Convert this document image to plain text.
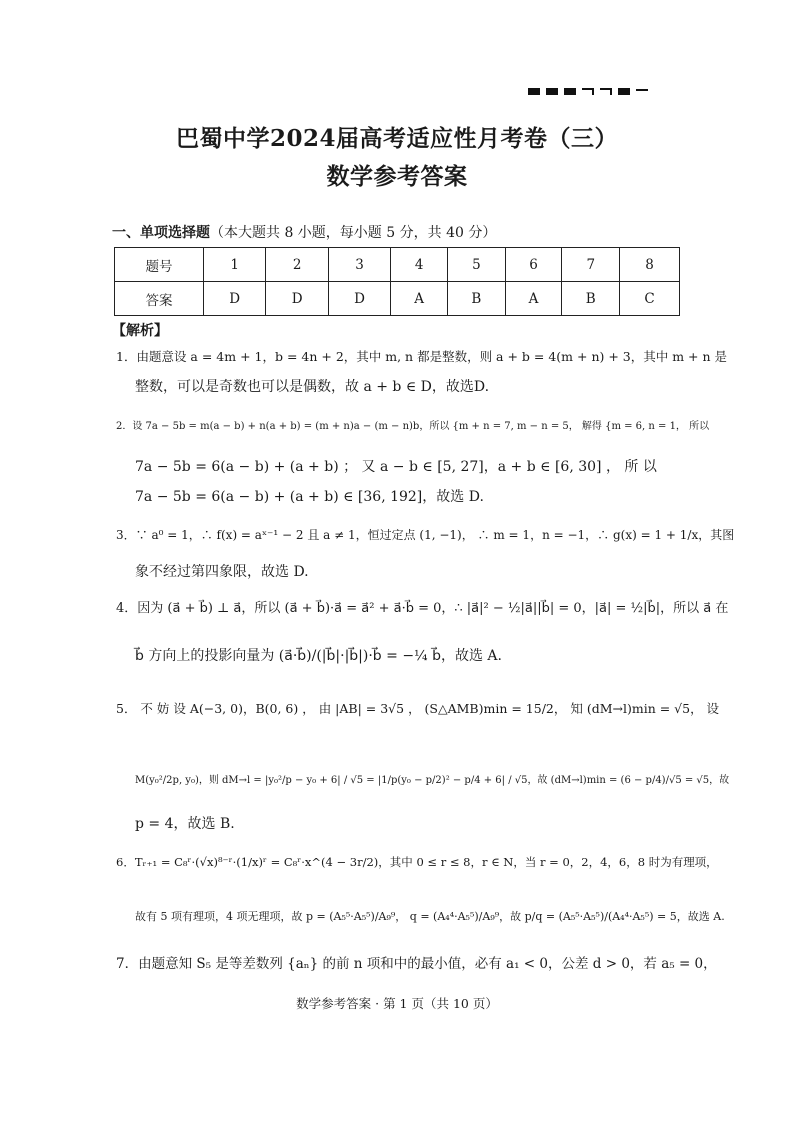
巴蜀中学2024届高考适应性月考卷（三）
数学参考答案
一、单项选择题（本大题共 8 小题，每小题 5 分，共 40 分）
题号	1	2	3	4	5	6	7	8
答案	D	D	D	A	B	A	B	C
【解析】
1．由题意设 a = 4m + 1，b = 4n + 2，其中 m, n 都是整数，则 a + b = 4(m + n) + 3，其中 m + n 是
整数，可以是奇数也可以是偶数，故 a + b ∈ D，故选D.
2．设 7a − 5b = m(a − b) + n(a + b) = (m + n)a − (m − n)b，所以 {m + n = 7, m − n = 5， 解得 {m = 6, n = 1， 所以
7a − 5b = 6(a − b) + (a + b) ； 又 a − b ∈ [5, 27]，a + b ∈ [6, 30] ， 所 以
7a − 5b = 6(a − b) + (a + b) ∈ [36, 192]，故选 D.
3．∵ a⁰ = 1，∴ f(x) = aˣ⁻¹ − 2 且 a ≠ 1，恒过定点 (1, −1)， ∴ m = 1，n = −1，∴ g(x) = 1 + 1/x，其图
象不经过第四象限，故选 D.
4．因为 (a⃗ + b⃗) ⊥ a⃗，所以 (a⃗ + b⃗)·a⃗ = a⃗² + a⃗·b⃗ = 0，∴ |a⃗|² − ½|a⃗||b⃗| = 0，|a⃗| = ½|b⃗|，所以 a⃗ 在
b⃗ 方向上的投影向量为 (a⃗·b⃗)/(|b⃗|·|b⃗|)·b⃗ = −¼ b⃗，故选 A.
5． 不 妨 设 A(−3, 0)，B(0, 6) ， 由 |AB| = 3√5 ， (S△AMB)min = 15/2， 知 (dM→l)min = √5， 设
M(y₀²/2p, y₀)，则 dM→l = |y₀²/p − y₀ + 6| / √5 = |1/p(y₀ − p/2)² − p/4 + 6| / √5，故 (dM→l)min = (6 − p/4)/√5 = √5，故
p = 4，故选 B.
6．Tᵣ₊₁ = C₈ʳ·(√x)⁸⁻ʳ·(1/x)ʳ = C₈ʳ·x^(4 − 3r/2)，其中 0 ≤ r ≤ 8，r ∈ N，当 r = 0，2，4，6，8 时为有理项，
故有 5 项有理项，4 项无理项，故 p = (A₅⁵·A₅⁵)/A₉⁹， q = (A₄⁴·A₅⁵)/A₉⁹，故 p/q = (A₅⁵·A₅⁵)/(A₄⁴·A₅⁵) = 5，故选 A.
7．由题意知 S₅ 是等差数列 {aₙ} 的前 n 项和中的最小值，必有 a₁ < 0，公差 d > 0，若 a₅ = 0，
数学参考答案 · 第 1 页（共 10 页）
